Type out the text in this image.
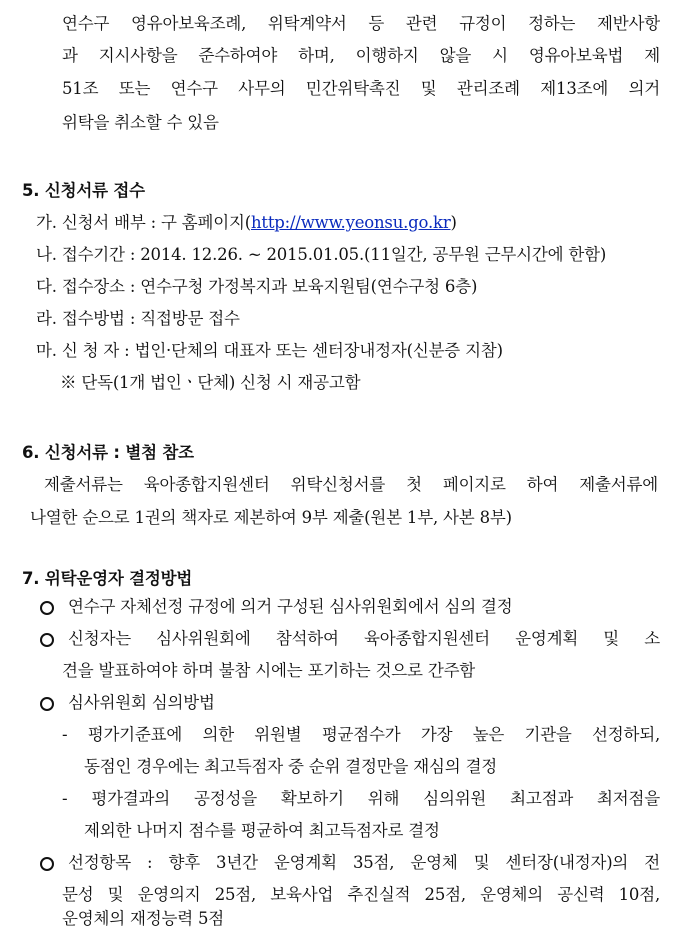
연수구 영유아보육조례, 위탁계약서 등 관련 규정이 정하는 제반사항
과 지시사항을 준수하여야 하며, 이행하지 않을 시 영유아보육법 제
51조 또는 연수구 사무의 민간위탁촉진 및 관리조례 제13조에 의거
위탁을 취소할 수 있음
5. 신청서류 접수
가. 신청서 배부 : 구 홈페이지(http://www.yeonsu.go.kr)
나. 접수기간 : 2014. 12.26. ~ 2015.01.05.(11일간, 공무원 근무시간에 한함)
다. 접수장소 : 연수구청 가정복지과 보육지원팀(연수구청 6층)
라. 접수방법 : 직접방문 접수
마. 신 청 자 : 법인·단체의 대표자 또는 센터장내정자(신분증 지참)
※ 단독(1개 법인ㆍ단체) 신청 시 재공고함
6. 신청서류 : 별첨 참조
제출서류는 육아종합지원센터 위탁신청서를 첫 페이지로 하여 제출서류에
나열한 순으로 1권의 책자로 제본하여 9부 제출(원본 1부, 사본 8부)
7. 위탁운영자 결정방법
연수구 자체선정 규정에 의거 구성된 심사위원회에서 심의 결정
신청자는 심사위원회에 참석하여 육아종합지원센터 운영계획 및 소
견을 발표하여야 하며 불참 시에는 포기하는 것으로 간주함
심사위원회 심의방법
- 평가기준표에 의한 위원별 평균점수가 가장 높은 기관을 선정하되,
동점인 경우에는 최고득점자 중 순위 결정만을 재심의 결정
- 평가결과의 공정성을 확보하기 위해 심의위원 최고점과 최저점을
제외한 나머지 점수를 평균하여 최고득점자로 결정
선정항목 : 향후 3년간 운영계획 35점, 운영체 및 센터장(내정자)의 전
문성 및 운영의지 25점, 보육사업 추진실적 25점, 운영체의 공신력 10점,
운영체의 재정능력 5점
